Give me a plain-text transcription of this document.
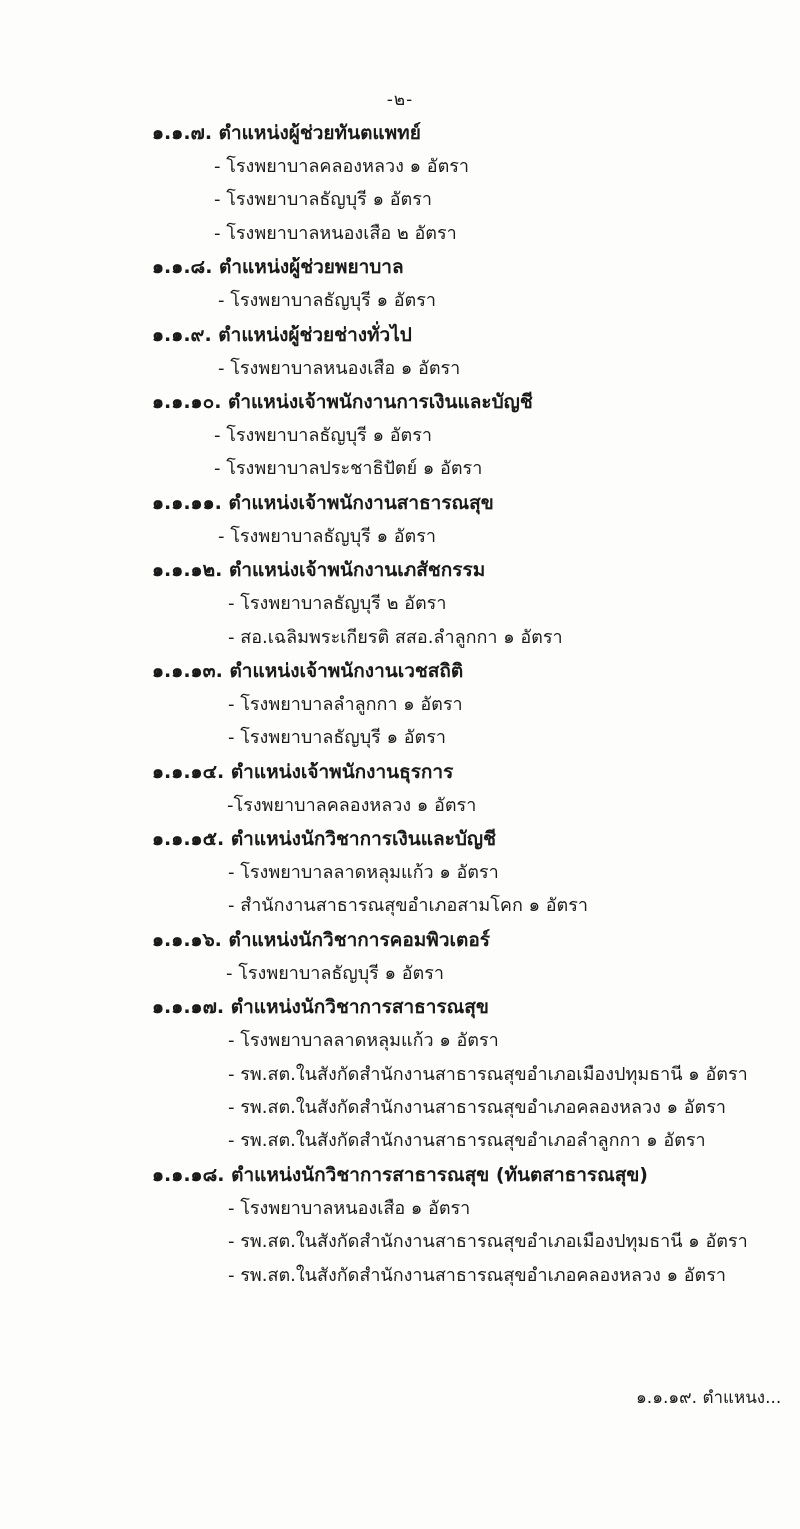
-๒-
๑.๑.๗. ตำแหน่งผู้ช่วยทันตแพทย์
- โรงพยาบาลคลองหลวง ๑ อัตรา
- โรงพยาบาลธัญบุรี ๑ อัตรา
- โรงพยาบาลหนองเสือ ๒ อัตรา
๑.๑.๘. ตำแหน่งผู้ช่วยพยาบาล
- โรงพยาบาลธัญบุรี ๑ อัตรา
๑.๑.๙. ตำแหน่งผู้ช่วยช่างทั่วไป
- โรงพยาบาลหนองเสือ ๑ อัตรา
๑.๑.๑๐. ตำแหน่งเจ้าพนักงานการเงินและบัญชี
- โรงพยาบาลธัญบุรี ๑ อัตรา
- โรงพยาบาลประชาธิปัตย์ ๑ อัตรา
๑.๑.๑๑. ตำแหน่งเจ้าพนักงานสาธารณสุข
- โรงพยาบาลธัญบุรี ๑ อัตรา
๑.๑.๑๒. ตำแหน่งเจ้าพนักงานเภสัชกรรม
- โรงพยาบาลธัญบุรี ๒ อัตรา
- สอ.เฉลิมพระเกียรติ สสอ.ลำลูกกา ๑ อัตรา
๑.๑.๑๓. ตำแหน่งเจ้าพนักงานเวชสถิติ
- โรงพยาบาลลำลูกกา ๑ อัตรา
- โรงพยาบาลธัญบุรี ๑ อัตรา
๑.๑.๑๔. ตำแหน่งเจ้าพนักงานธุรการ
-โรงพยาบาลคลองหลวง ๑ อัตรา
๑.๑.๑๕. ตำแหน่งนักวิชาการเงินและบัญชี
- โรงพยาบาลลาดหลุมแก้ว ๑ อัตรา
- สำนักงานสาธารณสุขอำเภอสามโคก ๑ อัตรา
๑.๑.๑๖. ตำแหน่งนักวิชาการคอมพิวเตอร์
- โรงพยาบาลธัญบุรี ๑ อัตรา
๑.๑.๑๗. ตำแหน่งนักวิชาการสาธารณสุข
- โรงพยาบาลลาดหลุมแก้ว ๑ อัตรา
- รพ.สต.ในสังกัดสำนักงานสาธารณสุขอำเภอเมืองปทุมธานี ๑ อัตรา
- รพ.สต.ในสังกัดสำนักงานสาธารณสุขอำเภอคลองหลวง ๑ อัตรา
- รพ.สต.ในสังกัดสำนักงานสาธารณสุขอำเภอลำลูกกา ๑ อัตรา
๑.๑.๑๘. ตำแหน่งนักวิชาการสาธารณสุข (ทันตสาธารณสุข)
- โรงพยาบาลหนองเสือ ๑ อัตรา
- รพ.สต.ในสังกัดสำนักงานสาธารณสุขอำเภอเมืองปทุมธานี ๑ อัตรา
- รพ.สต.ในสังกัดสำนักงานสาธารณสุขอำเภอคลองหลวง ๑ อัตรา
๑.๑.๑๙. ตำแหนง...
